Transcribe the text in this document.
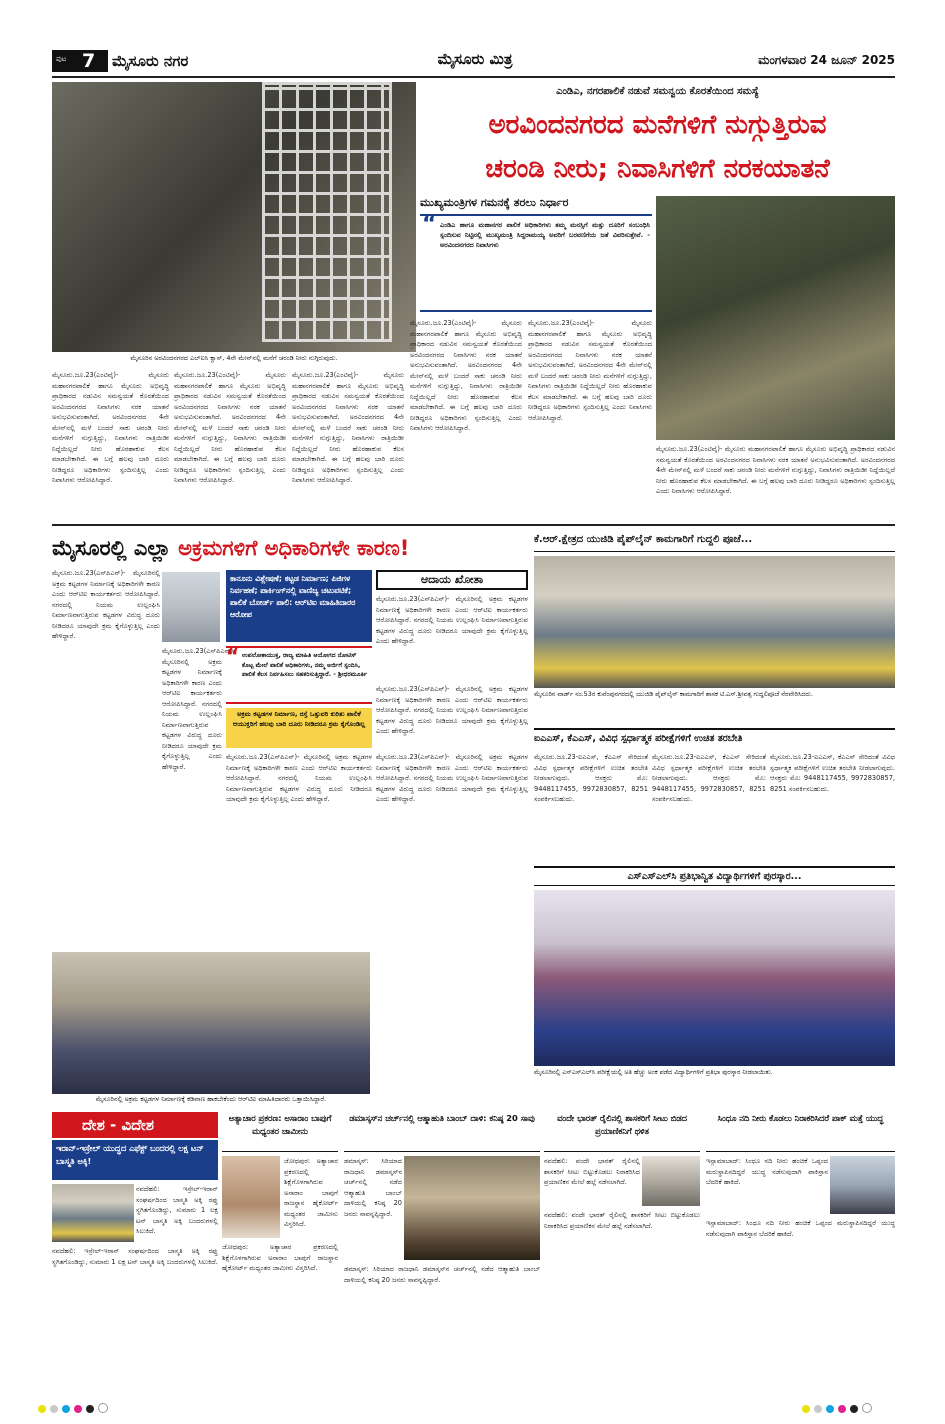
ಪುಟ 7 ಮೈಸೂರು ನಗರ	ಮೈಸೂರು ಮಿತ್ರ	ಮಂಗಳವಾರ 24 ಜೂನ್ 2025
ಮೈಸೂರಿನ ಅರವಿಂದನಗರದ ಎಲ್‌ಐಸಿ ಕ್ವಾಸ್, 4ನೇ ಮೇನ್‌ನಲ್ಲಿ ಮನೆಗೆ ಚರಂಡಿ ನೀರು ನುಗ್ಗಿರುವುದು.
ಎಂಡಿಎ, ನಗರಪಾಲಿಕೆ ನಡುವೆ ಸಮನ್ವಯ ಕೊರತೆಯಿಂದ ಸಮಸ್ಯೆ
ಅರವಿಂದನಗರದ ಮನೆಗಳಿಗೆ ನುಗ್ಗುತ್ತಿರುವ
ಚರಂಡಿ ನೀರು; ನಿವಾಸಿಗಳಿಗೆ ನರಕಯಾತನೆ
ಮುಖ್ಯಮಂತ್ರಿಗಳ ಗಮನಕ್ಕೆ ತರಲು ನಿರ್ಧಾರ
“ ಎಂಡಿಎ ಹಾಗೂ ಮಹಾನಗರ ಪಾಲಿಕೆ ಅಧಿಕಾರಿಗಳು ತಮ್ಮ ಮನಸ್ಸಿಗೆ ಮತ್ತು ದೂರಿಗೆ ಸಂಬಂಧಿಸಿ ಸ್ಪಂದಿಸುವ ನಿಟ್ಟಿನಲ್ಲಿ ಮುಖ್ಯಮಂತ್ರಿ ಸಿದ್ದರಾಮಯ್ಯ ಅವರಿಗೆ ಬರವಣಿಗೆಯ ಜತೆ ವಿವರಿಸುತ್ತೇವೆ. - ಅರವಿಂದನಗರದ ನಿವಾಸಿಗಳು
ಮೈಸೂರು.ಜೂ.23(ಎಂಟಿವೈ)- ಮೈಸೂರು ಮಹಾನಗರಪಾಲಿಕೆ ಹಾಗೂ ಮೈಸೂರು ಅಭಿವೃದ್ಧಿ ಪ್ರಾಧಿಕಾರದ ನಡುವಿನ ಸಮನ್ವಯತೆ ಕೊರತೆಯಿಂದ ಅರವಿಂದನಗರದ ನಿವಾಸಿಗಳು ನರಕ ಯಾತನೆ ಅನುಭವಿಸುವಂತಾಗಿದೆ. ಅರವಿಂದನಗರದ 4ನೇ ಮೇನ್‌ನಲ್ಲಿ ಮಳೆ ಬಂದರೆ ಸಾಕು ಚರಂಡಿ ನೀರು ಮನೆಗಳಿಗೆ ನುಗ್ಗುತ್ತಿದ್ದು, ನಿವಾಸಿಗಳು ರಾತ್ರಿಯಿಡೀ ನಿದ್ದೆಯಿಲ್ಲದೆ ನೀರು ಹೊರಹಾಕುವ ಕೆಲಸ ಮಾಡಬೇಕಾಗಿದೆ. ಈ ಬಗ್ಗೆ ಹಲವು ಬಾರಿ ದೂರು ನೀಡಿದ್ದರೂ ಅಧಿಕಾರಿಗಳು ಸ್ಪಂದಿಸುತ್ತಿಲ್ಲ ಎಂದು ನಿವಾಸಿಗಳು ಆರೋಪಿಸಿದ್ದಾರೆ.
ಮೈಸೂರು.ಜೂ.23(ಎಂಟಿವೈ)- ಮೈಸೂರು ಮಹಾನಗರಪಾಲಿಕೆ ಹಾಗೂ ಮೈಸೂರು ಅಭಿವೃದ್ಧಿ ಪ್ರಾಧಿಕಾರದ ನಡುವಿನ ಸಮನ್ವಯತೆ ಕೊರತೆಯಿಂದ ಅರವಿಂದನಗರದ ನಿವಾಸಿಗಳು ನರಕ ಯಾತನೆ ಅನುಭವಿಸುವಂತಾಗಿದೆ. ಅರವಿಂದನಗರದ 4ನೇ ಮೇನ್‌ನಲ್ಲಿ ಮಳೆ ಬಂದರೆ ಸಾಕು ಚರಂಡಿ ನೀರು ಮನೆಗಳಿಗೆ ನುಗ್ಗುತ್ತಿದ್ದು, ನಿವಾಸಿಗಳು ರಾತ್ರಿಯಿಡೀ ನಿದ್ದೆಯಿಲ್ಲದೆ ನೀರು ಹೊರಹಾಕುವ ಕೆಲಸ ಮಾಡಬೇಕಾಗಿದೆ. ಈ ಬಗ್ಗೆ ಹಲವು ಬಾರಿ ದೂರು ನೀಡಿದ್ದರೂ ಅಧಿಕಾರಿಗಳು ಸ್ಪಂದಿಸುತ್ತಿಲ್ಲ ಎಂದು ನಿವಾಸಿಗಳು ಆರೋಪಿಸಿದ್ದಾರೆ.
ಮೈಸೂರು.ಜೂ.23(ಎಂಟಿವೈ)- ಮೈಸೂರು ಮಹಾನಗರಪಾಲಿಕೆ ಹಾಗೂ ಮೈಸೂರು ಅಭಿವೃದ್ಧಿ ಪ್ರಾಧಿಕಾರದ ನಡುವಿನ ಸಮನ್ವಯತೆ ಕೊರತೆಯಿಂದ ಅರವಿಂದನಗರದ ನಿವಾಸಿಗಳು ನರಕ ಯಾತನೆ ಅನುಭವಿಸುವಂತಾಗಿದೆ. ಅರವಿಂದನಗರದ 4ನೇ ಮೇನ್‌ನಲ್ಲಿ ಮಳೆ ಬಂದರೆ ಸಾಕು ಚರಂಡಿ ನೀರು ಮನೆಗಳಿಗೆ ನುಗ್ಗುತ್ತಿದ್ದು, ನಿವಾಸಿಗಳು ರಾತ್ರಿಯಿಡೀ ನಿದ್ದೆಯಿಲ್ಲದೆ ನೀರು ಹೊರಹಾಕುವ ಕೆಲಸ ಮಾಡಬೇಕಾಗಿದೆ. ಈ ಬಗ್ಗೆ ಹಲವು ಬಾರಿ ದೂರು ನೀಡಿದ್ದರೂ ಅಧಿಕಾರಿಗಳು ಸ್ಪಂದಿಸುತ್ತಿಲ್ಲ ಎಂದು ನಿವಾಸಿಗಳು ಆರೋಪಿಸಿದ್ದಾರೆ.
ಮೈಸೂರು.ಜೂ.23(ಎಂಟಿವೈ)- ಮೈಸೂರು ಮಹಾನಗರಪಾಲಿಕೆ ಹಾಗೂ ಮೈಸೂರು ಅಭಿವೃದ್ಧಿ ಪ್ರಾಧಿಕಾರದ ನಡುವಿನ ಸಮನ್ವಯತೆ ಕೊರತೆಯಿಂದ ಅರವಿಂದನಗರದ ನಿವಾಸಿಗಳು ನರಕ ಯಾತನೆ ಅನುಭವಿಸುವಂತಾಗಿದೆ. ಅರವಿಂದನಗರದ 4ನೇ ಮೇನ್‌ನಲ್ಲಿ ಮಳೆ ಬಂದರೆ ಸಾಕು ಚರಂಡಿ ನೀರು ಮನೆಗಳಿಗೆ ನುಗ್ಗುತ್ತಿದ್ದು, ನಿವಾಸಿಗಳು ರಾತ್ರಿಯಿಡೀ ನಿದ್ದೆಯಿಲ್ಲದೆ ನೀರು ಹೊರಹಾಕುವ ಕೆಲಸ ಮಾಡಬೇಕಾಗಿದೆ. ಈ ಬಗ್ಗೆ ಹಲವು ಬಾರಿ ದೂರು ನೀಡಿದ್ದರೂ ಅಧಿಕಾರಿಗಳು ಸ್ಪಂದಿಸುತ್ತಿಲ್ಲ ಎಂದು ನಿವಾಸಿಗಳು ಆರೋಪಿಸಿದ್ದಾರೆ.
ಮೈಸೂರು.ಜೂ.23(ಎಂಟಿವೈ)- ಮೈಸೂರು ಮಹಾನಗರಪಾಲಿಕೆ ಹಾಗೂ ಮೈಸೂರು ಅಭಿವೃದ್ಧಿ ಪ್ರಾಧಿಕಾರದ ನಡುವಿನ ಸಮನ್ವಯತೆ ಕೊರತೆಯಿಂದ ಅರವಿಂದನಗರದ ನಿವಾಸಿಗಳು ನರಕ ಯಾತನೆ ಅನುಭವಿಸುವಂತಾಗಿದೆ. ಅರವಿಂದನಗರದ 4ನೇ ಮೇನ್‌ನಲ್ಲಿ ಮಳೆ ಬಂದರೆ ಸಾಕು ಚರಂಡಿ ನೀರು ಮನೆಗಳಿಗೆ ನುಗ್ಗುತ್ತಿದ್ದು, ನಿವಾಸಿಗಳು ರಾತ್ರಿಯಿಡೀ ನಿದ್ದೆಯಿಲ್ಲದೆ ನೀರು ಹೊರಹಾಕುವ ಕೆಲಸ ಮಾಡಬೇಕಾಗಿದೆ. ಈ ಬಗ್ಗೆ ಹಲವು ಬಾರಿ ದೂರು ನೀಡಿದ್ದರೂ ಅಧಿಕಾರಿಗಳು ಸ್ಪಂದಿಸುತ್ತಿಲ್ಲ ಎಂದು ನಿವಾಸಿಗಳು ಆರೋಪಿಸಿದ್ದಾರೆ.
ಮೈಸೂರು.ಜೂ.23(ಎಂಟಿವೈ)- ಮೈಸೂರು ಮಹಾನಗರಪಾಲಿಕೆ ಹಾಗೂ ಮೈಸೂರು ಅಭಿವೃದ್ಧಿ ಪ್ರಾಧಿಕಾರದ ನಡುವಿನ ಸಮನ್ವಯತೆ ಕೊರತೆಯಿಂದ ಅರವಿಂದನಗರದ ನಿವಾಸಿಗಳು ನರಕ ಯಾತನೆ ಅನುಭವಿಸುವಂತಾಗಿದೆ. ಅರವಿಂದನಗರದ 4ನೇ ಮೇನ್‌ನಲ್ಲಿ ಮಳೆ ಬಂದರೆ ಸಾಕು ಚರಂಡಿ ನೀರು ಮನೆಗಳಿಗೆ ನುಗ್ಗುತ್ತಿದ್ದು, ನಿವಾಸಿಗಳು ರಾತ್ರಿಯಿಡೀ ನಿದ್ದೆಯಿಲ್ಲದೆ ನೀರು ಹೊರಹಾಕುವ ಕೆಲಸ ಮಾಡಬೇಕಾಗಿದೆ. ಈ ಬಗ್ಗೆ ಹಲವು ಬಾರಿ ದೂರು ನೀಡಿದ್ದರೂ ಅಧಿಕಾರಿಗಳು ಸ್ಪಂದಿಸುತ್ತಿಲ್ಲ ಎಂದು ನಿವಾಸಿಗಳು ಆರೋಪಿಸಿದ್ದಾರೆ.
ಮೈಸೂರಲ್ಲಿ ಎಲ್ಲಾ ಅಕ್ರಮಗಳಿಗೆ ಅಧಿಕಾರಿಗಳೇ ಕಾರಣ!
ಮೈಸೂರು.ಜೂ.23(ಎಸ್‌ಪಿಎನ್)- ಮೈಸೂರಿನಲ್ಲಿ ಅಕ್ರಮ ಕಟ್ಟಡಗಳ ನಿರ್ಮಾಣಕ್ಕೆ ಅಧಿಕಾರಿಗಳೇ ಕಾರಣ ಎಂದು ಆರ್‌ಟಿಐ ಕಾರ್ಯಕರ್ತರು ಆರೋಪಿಸಿದ್ದಾರೆ. ನಗರದಲ್ಲಿ ನಿಯಮ ಉಲ್ಲಂಘಿಸಿ ನಿರ್ಮಾಣವಾಗುತ್ತಿರುವ ಕಟ್ಟಡಗಳ ವಿರುದ್ಧ ದೂರು ನೀಡಿದರೂ ಯಾವುದೇ ಕ್ರಮ ಕೈಗೊಳ್ಳುತ್ತಿಲ್ಲ ಎಂದು ಹೇಳಿದ್ದಾರೆ.
ಮೈಸೂರು.ಜೂ.23(ಎಸ್‌ಪಿಎನ್)- ಮೈಸೂರಿನಲ್ಲಿ ಅಕ್ರಮ ಕಟ್ಟಡಗಳ ನಿರ್ಮಾಣಕ್ಕೆ ಅಧಿಕಾರಿಗಳೇ ಕಾರಣ ಎಂದು ಆರ್‌ಟಿಐ ಕಾರ್ಯಕರ್ತರು ಆರೋಪಿಸಿದ್ದಾರೆ. ನಗರದಲ್ಲಿ ನಿಯಮ ಉಲ್ಲಂಘಿಸಿ ನಿರ್ಮಾಣವಾಗುತ್ತಿರುವ ಕಟ್ಟಡಗಳ ವಿರುದ್ಧ ದೂರು ನೀಡಿದರೂ ಯಾವುದೇ ಕ್ರಮ ಕೈಗೊಳ್ಳುತ್ತಿಲ್ಲ ಎಂದು ಹೇಳಿದ್ದಾರೆ.
ಕಾನೂನು ವಿಶ್ಲೇಷಣೆ; ಕಟ್ಟಡ ನಿರ್ಮಾಣ; ಪಿಜಿಗಳ ನಿರ್ವಹಣೆ; ಪಾರ್ಕಿಂಗ್‌ನಲ್ಲಿ ವಾಣಿಜ್ಯ ಚಟುವಟಿಕೆ; ಪಾಲಿಕೆ ಬೋರ್ಡ್ ಪಾಲಿ: ಆರ್‌ಟಿಐ ಮಾಹಿತಿದಾರರ ಆರೋಪ
“ ಉಪಲೋಕಾಯುಕ್ತ, ರಾಜ್ಯ ಮಾಹಿತಿ ಆಯೋಗದ ನೋಟಿಸ್ ಕೊಟ್ಟ ಮೇಲೆ ಪಾಲಿಕೆ ಅಧಿಕಾರಿಗಳು, ನಮ್ಮ ಅರ್ಜಿಗೆ ಸ್ಪಂದಿಸಿ, ಪಾಲಿಕೆ ಕೆಲಸ ನಿರ್ವಹಿಸಲು ಸಹಕರಿಸುತ್ತಿದ್ದಾರೆ. - ಶ್ರೀಧರಮೂರ್ತಿ
ಅಕ್ರಮ ಕಟ್ಟಡಗಳ ನಿರ್ಮಾಣ, ರಸ್ತೆ ಒತ್ತುವರಿ ಕುರಿತು ಪಾಲಿಕೆ ಆಯುಕ್ತರಿಗೆ ಹಲವು ಬಾರಿ ದೂರು ನೀಡಿದರೂ ಕ್ರಮ ಕೈಗೊಂಡಿಲ್ಲ
ಆದಾಯ ಖೋತಾ
ಮೈಸೂರು.ಜೂ.23(ಎಸ್‌ಪಿಎನ್)- ಮೈಸೂರಿನಲ್ಲಿ ಅಕ್ರಮ ಕಟ್ಟಡಗಳ ನಿರ್ಮಾಣಕ್ಕೆ ಅಧಿಕಾರಿಗಳೇ ಕಾರಣ ಎಂದು ಆರ್‌ಟಿಐ ಕಾರ್ಯಕರ್ತರು ಆರೋಪಿಸಿದ್ದಾರೆ. ನಗರದಲ್ಲಿ ನಿಯಮ ಉಲ್ಲಂಘಿಸಿ ನಿರ್ಮಾಣವಾಗುತ್ತಿರುವ ಕಟ್ಟಡಗಳ ವಿರುದ್ಧ ದೂರು ನೀಡಿದರೂ ಯಾವುದೇ ಕ್ರಮ ಕೈಗೊಳ್ಳುತ್ತಿಲ್ಲ ಎಂದು ಹೇಳಿದ್ದಾರೆ.
ಮೈಸೂರು.ಜೂ.23(ಎಸ್‌ಪಿಎನ್)- ಮೈಸೂರಿನಲ್ಲಿ ಅಕ್ರಮ ಕಟ್ಟಡಗಳ ನಿರ್ಮಾಣಕ್ಕೆ ಅಧಿಕಾರಿಗಳೇ ಕಾರಣ ಎಂದು ಆರ್‌ಟಿಐ ಕಾರ್ಯಕರ್ತರು ಆರೋಪಿಸಿದ್ದಾರೆ. ನಗರದಲ್ಲಿ ನಿಯಮ ಉಲ್ಲಂಘಿಸಿ ನಿರ್ಮಾಣವಾಗುತ್ತಿರುವ ಕಟ್ಟಡಗಳ ವಿರುದ್ಧ ದೂರು ನೀಡಿದರೂ ಯಾವುದೇ ಕ್ರಮ ಕೈಗೊಳ್ಳುತ್ತಿಲ್ಲ ಎಂದು ಹೇಳಿದ್ದಾರೆ.
ಮೈಸೂರು.ಜೂ.23(ಎಸ್‌ಪಿಎನ್)- ಮೈಸೂರಿನಲ್ಲಿ ಅಕ್ರಮ ಕಟ್ಟಡಗಳ ನಿರ್ಮಾಣಕ್ಕೆ ಅಧಿಕಾರಿಗಳೇ ಕಾರಣ ಎಂದು ಆರ್‌ಟಿಐ ಕಾರ್ಯಕರ್ತರು ಆರೋಪಿಸಿದ್ದಾರೆ. ನಗರದಲ್ಲಿ ನಿಯಮ ಉಲ್ಲಂಘಿಸಿ ನಿರ್ಮಾಣವಾಗುತ್ತಿರುವ ಕಟ್ಟಡಗಳ ವಿರುದ್ಧ ದೂರು ನೀಡಿದರೂ ಯಾವುದೇ ಕ್ರಮ ಕೈಗೊಳ್ಳುತ್ತಿಲ್ಲ ಎಂದು ಹೇಳಿದ್ದಾರೆ.
ಮೈಸೂರು.ಜೂ.23(ಎಸ್‌ಪಿಎನ್)- ಮೈಸೂರಿನಲ್ಲಿ ಅಕ್ರಮ ಕಟ್ಟಡಗಳ ನಿರ್ಮಾಣಕ್ಕೆ ಅಧಿಕಾರಿಗಳೇ ಕಾರಣ ಎಂದು ಆರ್‌ಟಿಐ ಕಾರ್ಯಕರ್ತರು ಆರೋಪಿಸಿದ್ದಾರೆ. ನಗರದಲ್ಲಿ ನಿಯಮ ಉಲ್ಲಂಘಿಸಿ ನಿರ್ಮಾಣವಾಗುತ್ತಿರುವ ಕಟ್ಟಡಗಳ ವಿರುದ್ಧ ದೂರು ನೀಡಿದರೂ ಯಾವುದೇ ಕ್ರಮ ಕೈಗೊಳ್ಳುತ್ತಿಲ್ಲ ಎಂದು ಹೇಳಿದ್ದಾರೆ.
ಮೈಸೂರಿನಲ್ಲಿ ಅಕ್ರಮ ಕಟ್ಟಡಗಳ ನಿರ್ಮಾಣಕ್ಕೆ ಕಡಿವಾಣ ಹಾಕಬೇಕೆಂದು ಆರ್‌ಟಿಐ ಮಾಹಿತಿದಾರರು ಒತ್ತಾಯಿಸಿದ್ದಾರೆ.
ಕೆ.ಆರ್.ಕ್ಷೇತ್ರದ ಯುಜಿಡಿ ಪೈಪ್‌ಲೈನ್ ಕಾಮಗಾರಿಗೆ ಗುದ್ದಲಿ ಪೂಜೆ...
ಮೈಸೂರಿನ ವಾರ್ಡ್ ನಂ.53ರ ಕುವೆಂಪುನಗರದಲ್ಲಿ ಯುಜಿಡಿ ಪೈಪ್‌ಲೈನ್ ಕಾಮಗಾರಿಗೆ ಶಾಸಕ ಟಿ.ಎಸ್.ಶ್ರೀವತ್ಸ ಗುದ್ದಲಿಪೂಜೆ ನೆರವೇರಿಸಿದರು.
ಐಎಎಸ್, ಕೆಎಎಸ್, ವಿವಿಧ ಸ್ಪರ್ಧಾತ್ಮಕ ಪರೀಕ್ಷೆಗಳಿಗೆ ಉಚಿತ ತರಬೇತಿ
ಮೈಸೂರು.ಜೂ.23-ಐಎಎಸ್, ಕೆಎಎಸ್ ಸೇರಿದಂತೆ ವಿವಿಧ ಸ್ಪರ್ಧಾತ್ಮಕ ಪರೀಕ್ಷೆಗಳಿಗೆ ಉಚಿತ ತರಬೇತಿ ನೀಡಲಾಗುವುದು. ಆಸಕ್ತರು ಮೊ: 9448117455, 9972830857, 8251 ಸಂಪರ್ಕಿಸಬಹುದು.
ಮೈಸೂರು.ಜೂ.23-ಐಎಎಸ್, ಕೆಎಎಸ್ ಸೇರಿದಂತೆ ವಿವಿಧ ಸ್ಪರ್ಧಾತ್ಮಕ ಪರೀಕ್ಷೆಗಳಿಗೆ ಉಚಿತ ತರಬೇತಿ ನೀಡಲಾಗುವುದು. ಆಸಕ್ತರು ಮೊ: 9448117455, 9972830857, 8251 ಸಂಪರ್ಕಿಸಬಹುದು.
ಮೈಸೂರು.ಜೂ.23-ಐಎಎಸ್, ಕೆಎಎಸ್ ಸೇರಿದಂತೆ ವಿವಿಧ ಸ್ಪರ್ಧಾತ್ಮಕ ಪರೀಕ್ಷೆಗಳಿಗೆ ಉಚಿತ ತರಬೇತಿ ನೀಡಲಾಗುವುದು. ಆಸಕ್ತರು ಮೊ: 9448117455, 9972830857, 8251 ಸಂಪರ್ಕಿಸಬಹುದು.
ಎಸ್‌ಎಸ್‌ಎಲ್‌ಸಿ ಪ್ರತಿಭಾನ್ವಿತ ವಿದ್ಯಾರ್ಥಿಗಳಿಗೆ ಪುರಸ್ಕಾರ...
ಮೈಸೂರಿನಲ್ಲಿ ಎಸ್‌ಎಸ್‌ಎಲ್‌ಸಿ ಪರೀಕ್ಷೆಯಲ್ಲಿ ಅತಿ ಹೆಚ್ಚು ಅಂಕ ಪಡೆದ ವಿದ್ಯಾರ್ಥಿಗಳಿಗೆ ಪ್ರತಿಭಾ ಪುರಸ್ಕಾರ ನೀಡಲಾಯಿತು.
ದೇಶ - ವಿದೇಶ
ಇರಾನ್-ಇಸ್ರೇಲ್ ಯುದ್ಧದ ಎಫೆಕ್ಟ್ ಬಂದರಲ್ಲಿ ಲಕ್ಷ ಟನ್ ಬಾಸ್ಮತಿ ಅಕ್ಕಿ!
ನವದೆಹಲಿ: ಇಸ್ರೇಲ್-ಇರಾನ್ ಸಂಘರ್ಷದಿಂದ ಬಾಸ್ಮತಿ ಅಕ್ಕಿ ರಫ್ತು ಸ್ಥಗಿತಗೊಂಡಿದ್ದು, ಸುಮಾರು 1 ಲಕ್ಷ ಟನ್ ಬಾಸ್ಮತಿ ಅಕ್ಕಿ ಬಂದರುಗಳಲ್ಲಿ ಸಿಲುಕಿದೆ.
ನವದೆಹಲಿ: ಇಸ್ರೇಲ್-ಇರಾನ್ ಸಂಘರ್ಷದಿಂದ ಬಾಸ್ಮತಿ ಅಕ್ಕಿ ರಫ್ತು ಸ್ಥಗಿತಗೊಂಡಿದ್ದು, ಸುಮಾರು 1 ಲಕ್ಷ ಟನ್ ಬಾಸ್ಮತಿ ಅಕ್ಕಿ ಬಂದರುಗಳಲ್ಲಿ ಸಿಲುಕಿದೆ.
ಅತ್ಯಾಚಾರ ಪ್ರಕರಣ: ಅಸಾರಾಂ ಬಾಪುಗೆ ಮಧ್ಯಂತರ ಜಾಮೀನು
ಜೋಧಪುರ: ಅತ್ಯಾಚಾರ ಪ್ರಕರಣದಲ್ಲಿ ಶಿಕ್ಷೆಗೊಳಗಾಗಿರುವ ಅಸಾರಾಂ ಬಾಪುಗೆ ರಾಜಸ್ಥಾನ ಹೈಕೋರ್ಟ್ ಮಧ್ಯಂತರ ಜಾಮೀನು ವಿಸ್ತರಿಸಿದೆ.
ಜೋಧಪುರ: ಅತ್ಯಾಚಾರ ಪ್ರಕರಣದಲ್ಲಿ ಶಿಕ್ಷೆಗೊಳಗಾಗಿರುವ ಅಸಾರಾಂ ಬಾಪುಗೆ ರಾಜಸ್ಥಾನ ಹೈಕೋರ್ಟ್ ಮಧ್ಯಂತರ ಜಾಮೀನು ವಿಸ್ತರಿಸಿದೆ.
ಡಮಾಸ್ಕಸ್‌ನ ಚರ್ಚ್‌ನಲ್ಲಿ ಆತ್ಮಾಹುತಿ ಬಾಂಬ್ ದಾಳಿ: ಕನಿಷ್ಠ 20 ಸಾವು
ಡಮಾಸ್ಕಸ್: ಸಿರಿಯಾದ ರಾಜಧಾನಿ ಡಮಾಸ್ಕಸ್‌ನ ಚರ್ಚ್‌ನಲ್ಲಿ ನಡೆದ ಆತ್ಮಾಹುತಿ ಬಾಂಬ್ ದಾಳಿಯಲ್ಲಿ ಕನಿಷ್ಠ 20 ಜನರು ಸಾವನ್ನಪ್ಪಿದ್ದಾರೆ.
ಡಮಾಸ್ಕಸ್: ಸಿರಿಯಾದ ರಾಜಧಾನಿ ಡಮಾಸ್ಕಸ್‌ನ ಚರ್ಚ್‌ನಲ್ಲಿ ನಡೆದ ಆತ್ಮಾಹುತಿ ಬಾಂಬ್ ದಾಳಿಯಲ್ಲಿ ಕನಿಷ್ಠ 20 ಜನರು ಸಾವನ್ನಪ್ಪಿದ್ದಾರೆ.
ವಂದೇ ಭಾರತ್ ರೈಲಿನಲ್ಲಿ ಶಾಸಕರಿಗೆ ಸೀಟು ಬಿಡದ ಪ್ರಯಾಣಿಕನಿಗೆ ಥಳಿತ
ನವದೆಹಲಿ: ವಂದೇ ಭಾರತ್ ರೈಲಿನಲ್ಲಿ ಶಾಸಕರಿಗೆ ಸೀಟು ಬಿಟ್ಟುಕೊಡಲು ನಿರಾಕರಿಸಿದ ಪ್ರಯಾಣಿಕನ ಮೇಲೆ ಹಲ್ಲೆ ನಡೆಸಲಾಗಿದೆ.
ನವದೆಹಲಿ: ವಂದೇ ಭಾರತ್ ರೈಲಿನಲ್ಲಿ ಶಾಸಕರಿಗೆ ಸೀಟು ಬಿಟ್ಟುಕೊಡಲು ನಿರಾಕರಿಸಿದ ಪ್ರಯಾಣಿಕನ ಮೇಲೆ ಹಲ್ಲೆ ನಡೆಸಲಾಗಿದೆ.
ಸಿಂಧೂ ನದಿ ನೀರು ಕೊಡಲು ನಿರಾಕರಿಸಿದರೆ ಪಾಕ್ ಮತ್ತೆ ಯುದ್ಧ
ಇಸ್ಲಾಮಾಬಾದ್: ಸಿಂಧೂ ನದಿ ನೀರು ಹಂಚಿಕೆ ಒಪ್ಪಂದ ಮರುಸ್ಥಾಪಿಸದಿದ್ದರೆ ಯುದ್ಧ ನಡೆಸುವುದಾಗಿ ಪಾಕಿಸ್ತಾನ ಬೆದರಿಕೆ ಹಾಕಿದೆ.
ಇಸ್ಲಾಮಾಬಾದ್: ಸಿಂಧೂ ನದಿ ನೀರು ಹಂಚಿಕೆ ಒಪ್ಪಂದ ಮರುಸ್ಥಾಪಿಸದಿದ್ದರೆ ಯುದ್ಧ ನಡೆಸುವುದಾಗಿ ಪಾಕಿಸ್ತಾನ ಬೆದರಿಕೆ ಹಾಕಿದೆ.
